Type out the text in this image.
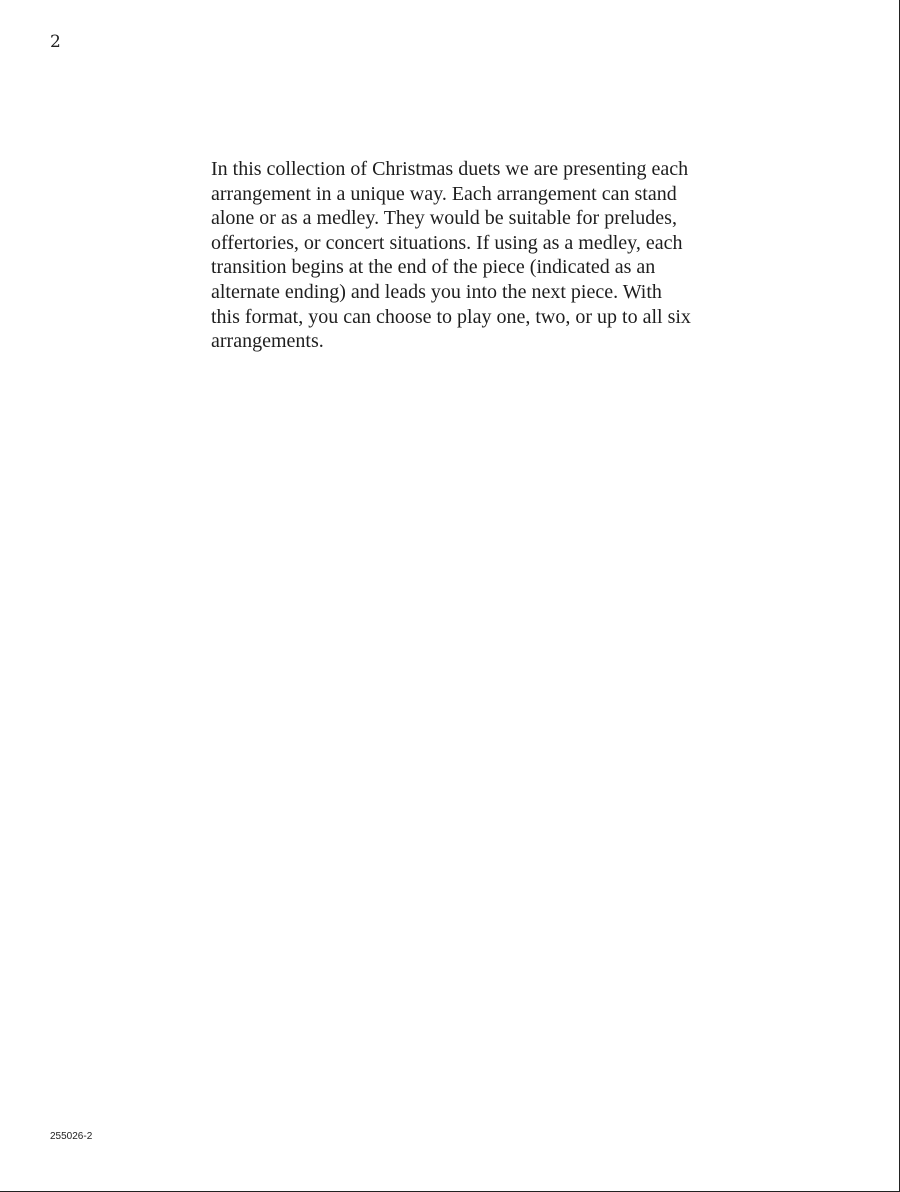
2
In this collection of Christmas duets we are presenting each
arrangement in a unique way. Each arrangement can stand
alone or as a medley. They would be suitable for preludes,
offertories, or concert situations. If using as a medley, each
transition begins at the end of the piece (indicated as an
alternate ending) and leads you into the next piece. With
this format, you can choose to play one, two, or up to all six
arrangements.
255026-2
